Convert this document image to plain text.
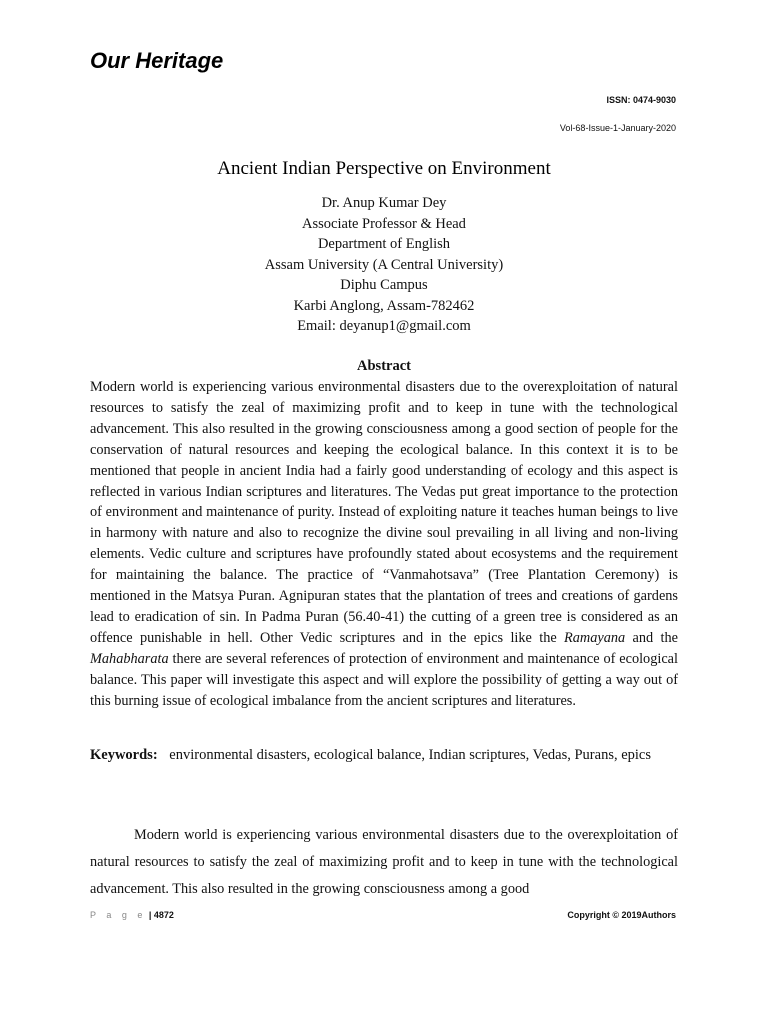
Our Heritage
ISSN: 0474-9030
Vol-68-Issue-1-January-2020
Ancient Indian Perspective on Environment
Dr. Anup Kumar Dey
Associate Professor & Head
Department of English
Assam University (A Central University)
Diphu Campus
Karbi Anglong, Assam-782462
Email: deyanup1@gmail.com
Abstract

Modern world is experiencing various environmental disasters due to the overexploitation of natural resources to satisfy the zeal of maximizing profit and to keep in tune with the technological advancement. This also resulted in the growing consciousness among a good section of people for the conservation of natural resources and keeping the ecological balance. In this context it is to be mentioned that people in ancient India had a fairly good understanding of ecology and this aspect is reflected in various Indian scriptures and literatures. The Vedas put great importance to the protection of environment and maintenance of purity. Instead of exploiting nature it teaches human beings to live in harmony with nature and also to recognize the divine soul prevailing in all living and non-living elements. Vedic culture and scriptures have profoundly stated about ecosystems and the requirement for maintaining the balance. The practice of “Vanmahotsava” (Tree Plantation Ceremony) is mentioned in the Matsya Puran. Agnipuran states that the plantation of trees and creations of gardens lead to eradication of sin. In Padma Puran (56.40-41) the cutting of a green tree is considered as an offence punishable in hell. Other Vedic scriptures and in the epics like the Ramayana and the Mahabharata there are several references of protection of environment and maintenance of ecological balance. This paper will investigate this aspect and will explore the possibility of getting a way out of this burning issue of ecological imbalance from the ancient scriptures and literatures.

Keywords: environmental disasters, ecological balance, Indian scriptures, Vedas, Purans, epics

Modern world is experiencing various environmental disasters due to the overexploitation of natural resources to satisfy the zeal of maximizing profit and to keep in tune with the technological advancement. This also resulted in the growing consciousness among a good

P a g e | 4872	Copyright © 2019Authors
